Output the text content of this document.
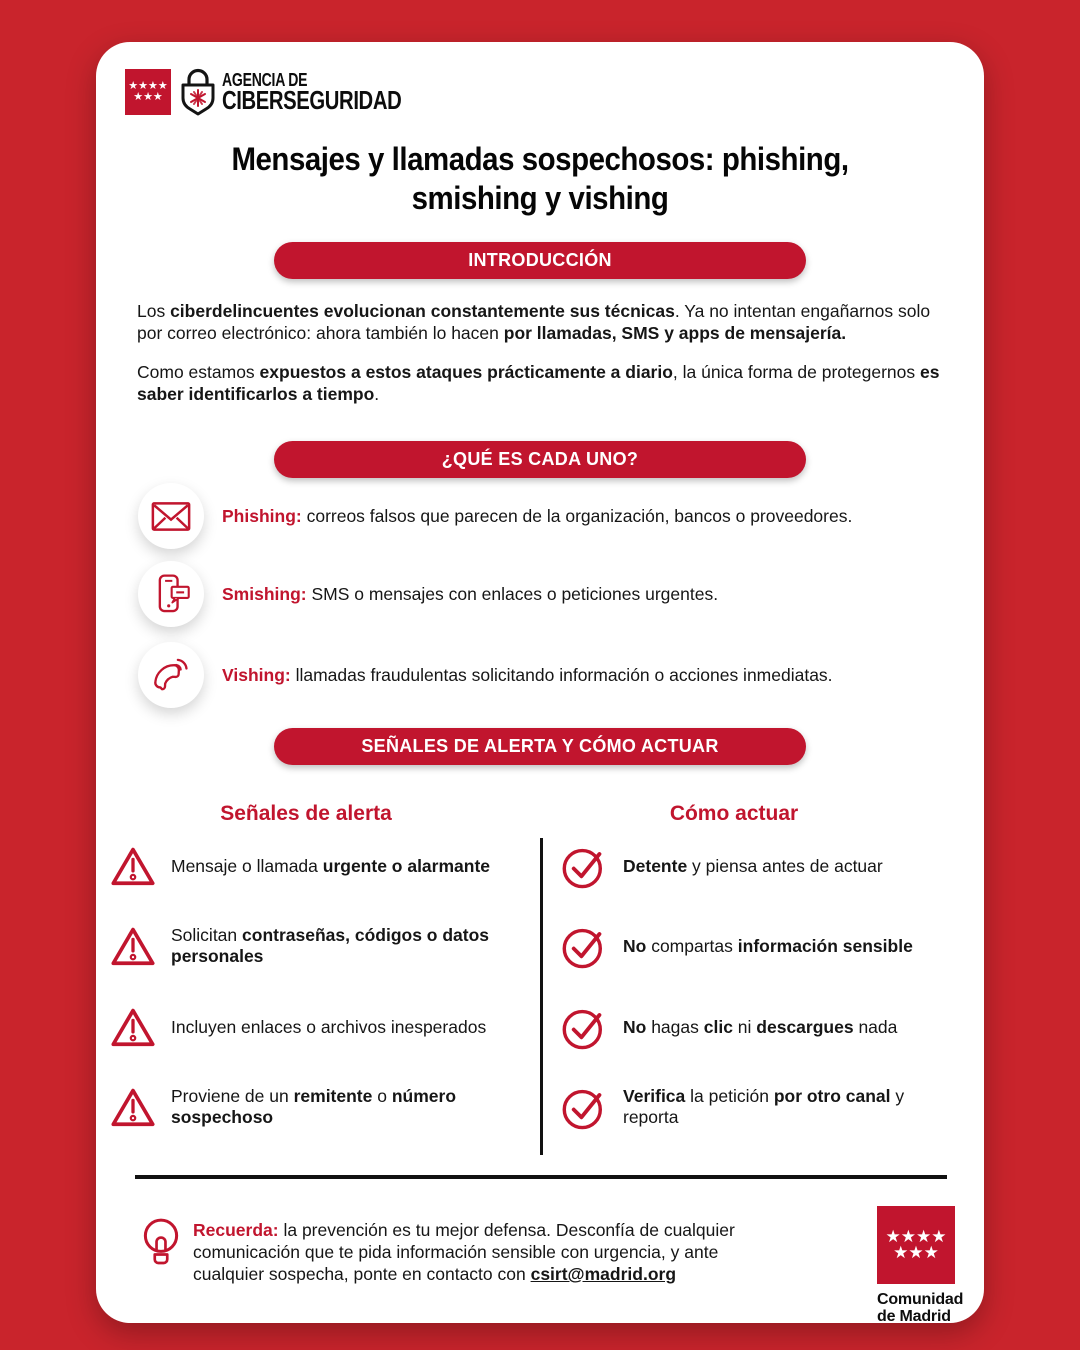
★★★★
★★★
AGENCIA DE
CIBERSEGURIDAD
Mensajes y llamadas sospechosos: phishing, smishing y vishing
INTRODUCCIÓN

Los ciberdelincuentes evolucionan constantemente sus técnicas. Ya no intentan engañarnos solo por correo electrónico: ahora también lo hacen por llamadas, SMS y apps de mensajería.

Como estamos expuestos a estos ataques prácticamente a diario, la única forma de protegernos es saber identificarlos a tiempo.

¿QUÉ ES CADA UNO?

Phishing: correos falsos que parecen de la organización, bancos o proveedores.

Smishing: SMS o mensajes con enlaces o peticiones urgentes.

Vishing: llamadas fraudulentas solicitando información o acciones inmediatas.

SEÑALES DE ALERTA Y CÓMO ACTUAR
Señales de alerta	Cómo actuar

Mensaje o llamada urgente o alarmante

Solicitan contraseñas, códigos o datos personales

Incluyen enlaces o archivos inesperados

Proviene de un remitente o número sospechoso

Detente y piensa antes de actuar

No compartas información sensible

No hagas clic ni descargues nada

Verifica la petición por otro canal y reporta

Recuerda: la prevención es tu mejor defensa. Desconfía de cualquier comunicación que te pida información sensible con urgencia, y ante cualquier sospecha, ponte en contacto con csirt@madrid.org

★★★★
★★★
Comunidad
de Madrid
